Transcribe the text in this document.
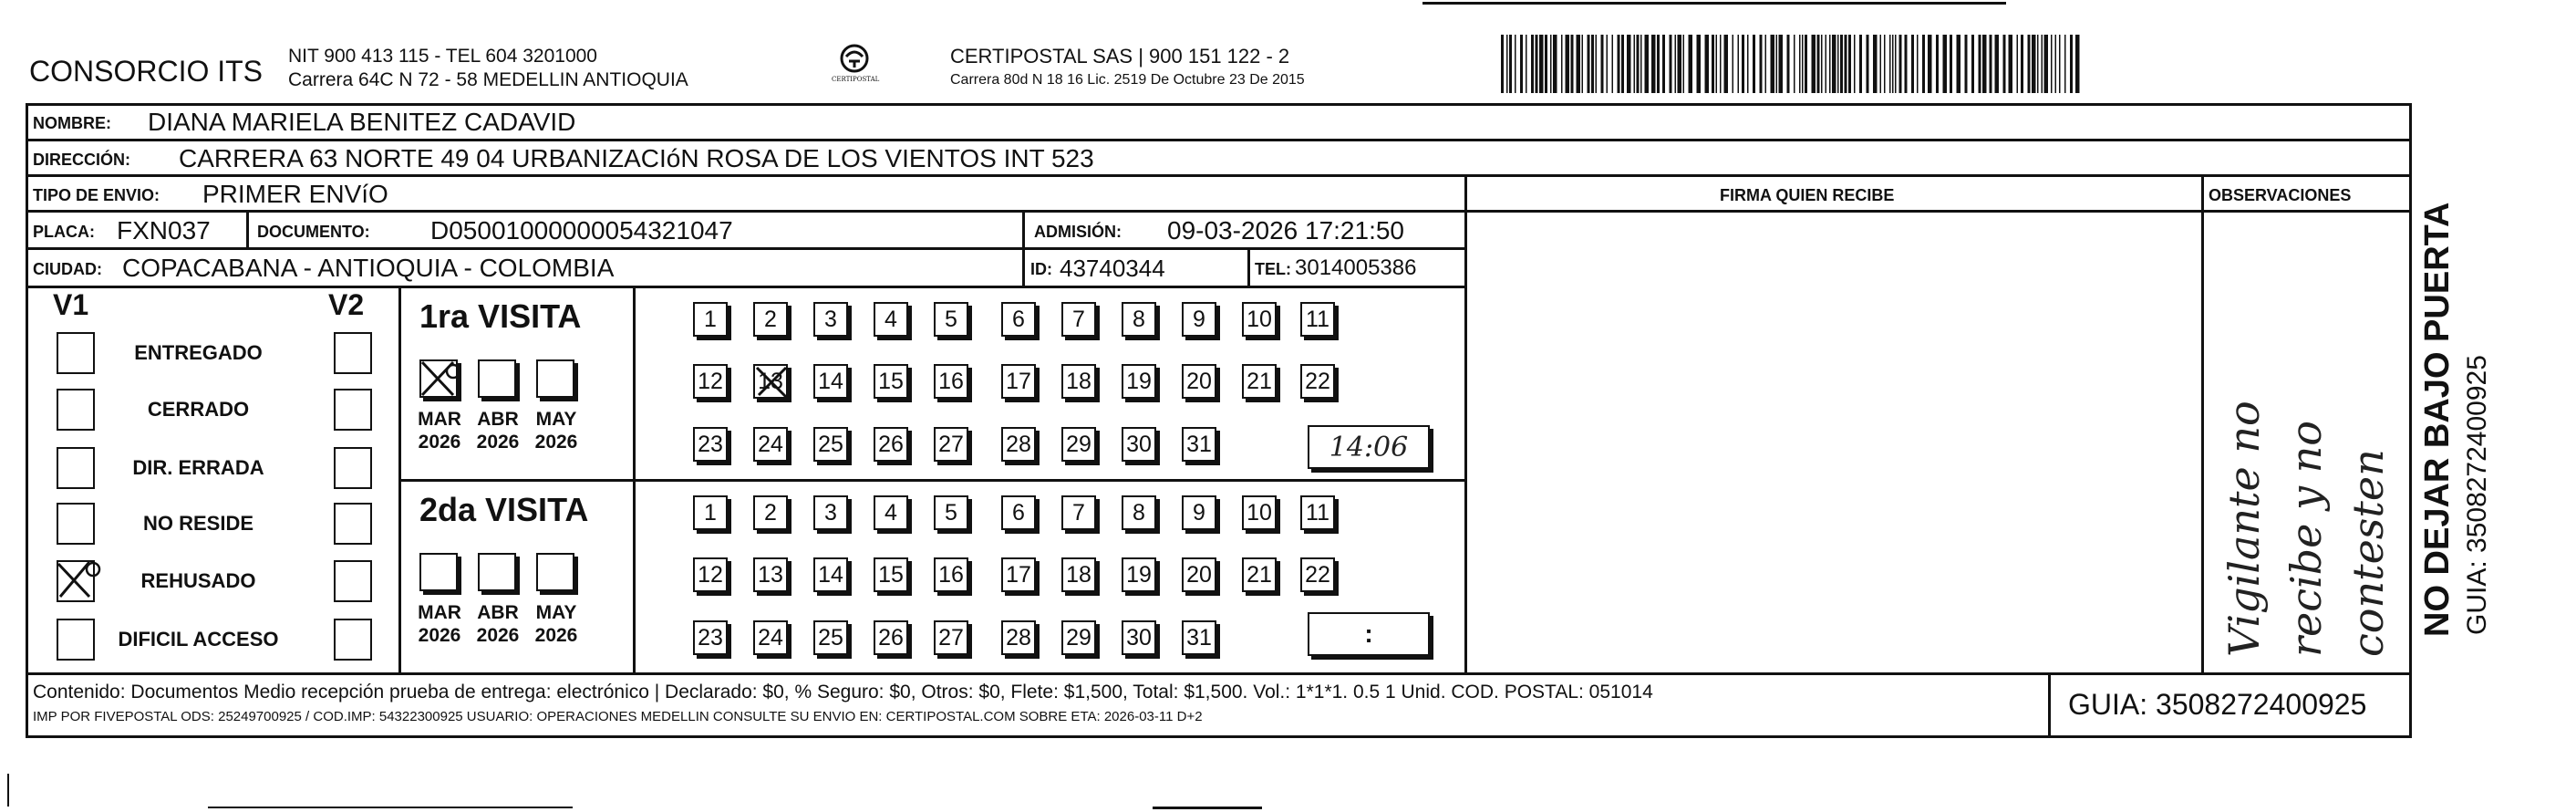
CONSORCIO ITS NIT 900 413 115 - TEL 604 3201000
Carrera 64C N 72 - 58 MEDELLIN ANTIOQUIA	CERTIPOSTAL
CERTIPOSTAL SAS | 900 151 122 - 2
Carrera 80d N 18 16 Lic. 2519 De Octubre 23 De 2015
NOMBRE: DIANA MARIELA BENITEZ CADAVID
DIRECCIÓN: CARRERA 63 NORTE 49 04 URBANIZACIóN ROSA DE LOS VIENTOS INT 523
TIPO DE ENVIO: PRIMER ENVíO	FIRMA QUIEN RECIBE	OBSERVACIONES
PLACA: FXN037	DOCUMENTO: D05001000000054321047	ADMISIÓN: 09-03-2026 17:21:50
CIUDAD: COPACABANA - ANTIOQUIA - COLOMBIA	ID: 43740344	TEL: 3014005386
V1	V2
ENTREGADO
CERRADO
DIR. ERRADA
NO RESIDE
REHUSADO
DIFICIL ACCESO
1ra VISITA
MAR
2026
ABR
2026
MAY
2026
1 2 3 4 5 6 7 8 9 10 11
12 13 14 15 16 17 18 19 20 21 22
23 24 25 26 27 28 29 30 31
2da VISITA
MAR
2026
ABR
2026
MAY
2026
1 2 3 4 5 6 7 8 9 10 11
12 13 14 15 16 17 18 19 20 21 22
23 24 25 26 27 28 29 30 31
14:06
:	Vigilante no recibe y no contesten NO DEJAR BAJO PUERTA GUIA: 3508272400925
Contenido: Documentos Medio recepción prueba de entrega: electrónico | Declarado: $0, % Seguro: $0, Otros: $0, Flete: $1,500, Total: $1,500. Vol.: 1*1*1. 0.5 1 Unid. COD. POSTAL: 051014
IMP POR FIVEPOSTAL ODS: 25249700925 / COD.IMP: 54322300925 USUARIO: OPERACIONES MEDELLIN CONSULTE SU ENVIO EN: CERTIPOSTAL.COM SOBRE ETA: 2026-03-11 D+2	GUIA: 3508272400925
